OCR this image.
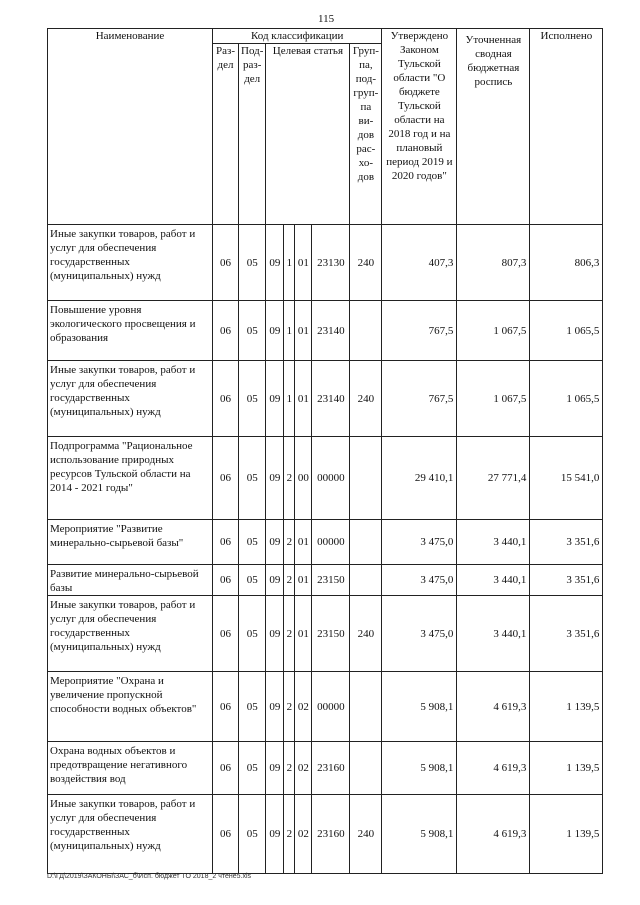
115
Наименование	Код классификации							Утверждено Законом Тульской области "О бюджете Тульской области на 2018 год и на плановый период 2019 и 2020 годов"	Уточненная сводная бюджетная роспись	Исполнено
	Раз-дел	Под-раз-дел	Целевая статья				Груп-па, под-груп-па ви-дов рас-хо-дов			
Иные закупки товаров, работ и услуг для обеспечения государственных (муниципальных) нужд	06	05	09	1	01	23130	240	407,3	807,3	806,3
Повышение уровня экологического просвещения и образования	06	05	09	1	01	23140		767,5	1 067,5	1 065,5
Иные закупки товаров, работ и услуг для обеспечения государственных (муниципальных) нужд	06	05	09	1	01	23140	240	767,5	1 067,5	1 065,5
Подпрограмма "Рациональное использование природных ресурсов Тульской области на 2014 - 2021 годы"	06	05	09	2	00	00000		29 410,1	27 771,4	15 541,0
Мероприятие "Развитие минерально-сырьевой базы"	06	05	09	2	01	00000		3 475,0	3 440,1	3 351,6
Развитие минерально-сырьевой базы	06	05	09	2	01	23150		3 475,0	3 440,1	3 351,6
Иные закупки товаров, работ и услуг для обеспечения государственных (муниципальных) нужд	06	05	09	2	01	23150	240	3 475,0	3 440,1	3 351,6
Мероприятие "Охрана и увеличение пропускной способности водных объектов"	06	05	09	2	02	00000		5 908,1	4 619,3	1 139,5
Охрана водных объектов и предотвращение негативного воздействия вод	06	05	09	2	02	23160		5 908,1	4 619,3	1 139,5
Иные закупки товаров, работ и услуг для обеспечения государственных (муниципальных) нужд	06	05	09	2	02	23160	240	5 908,1	4 619,3	1 139,5
D:\ГД\2019\ЗАКОНЫ\ЗАС_б\Исп. бюджет ТО 2018_2 чтене5.xls
